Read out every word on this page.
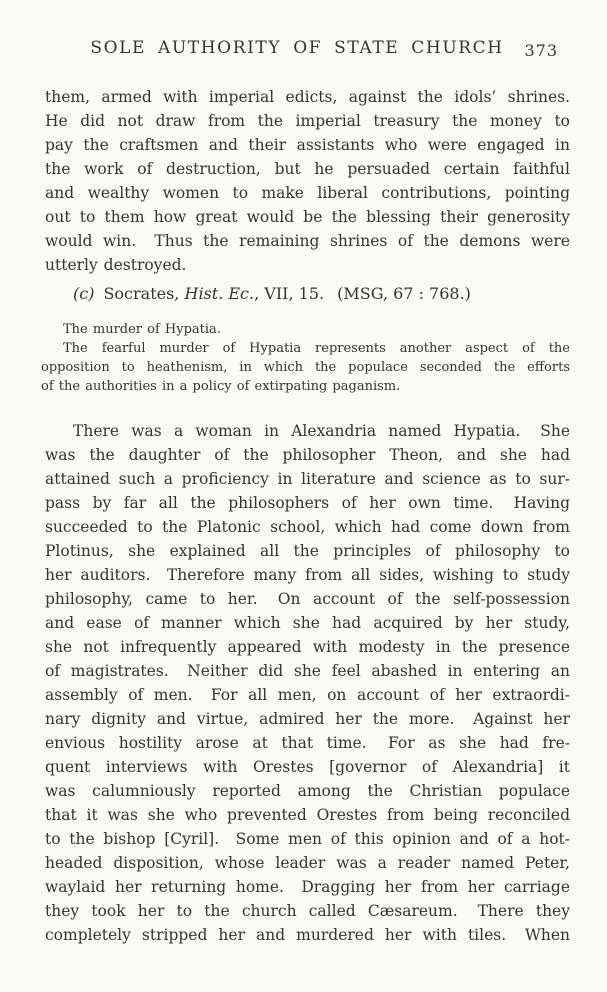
SOLE AUTHORITY OF STATE CHURCH 373
them, armed with imperial edicts, against the idols’ shrines.
He did not draw from the imperial treasury the money to
pay the craftsmen and their assistants who were engaged in
the work of destruction, but he persuaded certain faithful
and wealthy women to make liberal contributions, pointing
out to them how great would be the blessing their generosity
would win.  Thus the remaining shrines of the demons were
utterly destroyed.
(c) Socrates, Hist. Ec., VII, 15.  (MSG, 67 : 768.)
The murder of Hypatia.
The fearful murder of Hypatia represents another aspect of the
opposition to heathenism, in which the populace seconded the efforts
of the authorities in a policy of extirpating paganism.
There was a woman in Alexandria named Hypatia.  She
was the daughter of the philosopher Theon, and she had
attained such a proficiency in literature and science as to sur-
pass by far all the philosophers of her own time.  Having
succeeded to the Platonic school, which had come down from
Plotinus, she explained all the principles of philosophy to
her auditors.  Therefore many from all sides, wishing to study
philosophy, came to her.  On account of the self-possession
and ease of manner which she had acquired by her study,
she not infrequently appeared with modesty in the presence
of magistrates.  Neither did she feel abashed in entering an
assembly of men.  For all men, on account of her extraordi-
nary dignity and virtue, admired her the more.  Against her
envious hostility arose at that time.  For as she had fre-
quent interviews with Orestes [governor of Alexandria] it
was calumniously reported among the Christian populace
that it was she who prevented Orestes from being reconciled
to the bishop [Cyril].  Some men of this opinion and of a hot-
headed disposition, whose leader was a reader named Peter,
waylaid her returning home.  Dragging her from her carriage
they took her to the church called Cæsareum.  There they
completely stripped her and murdered her with tiles.  When
